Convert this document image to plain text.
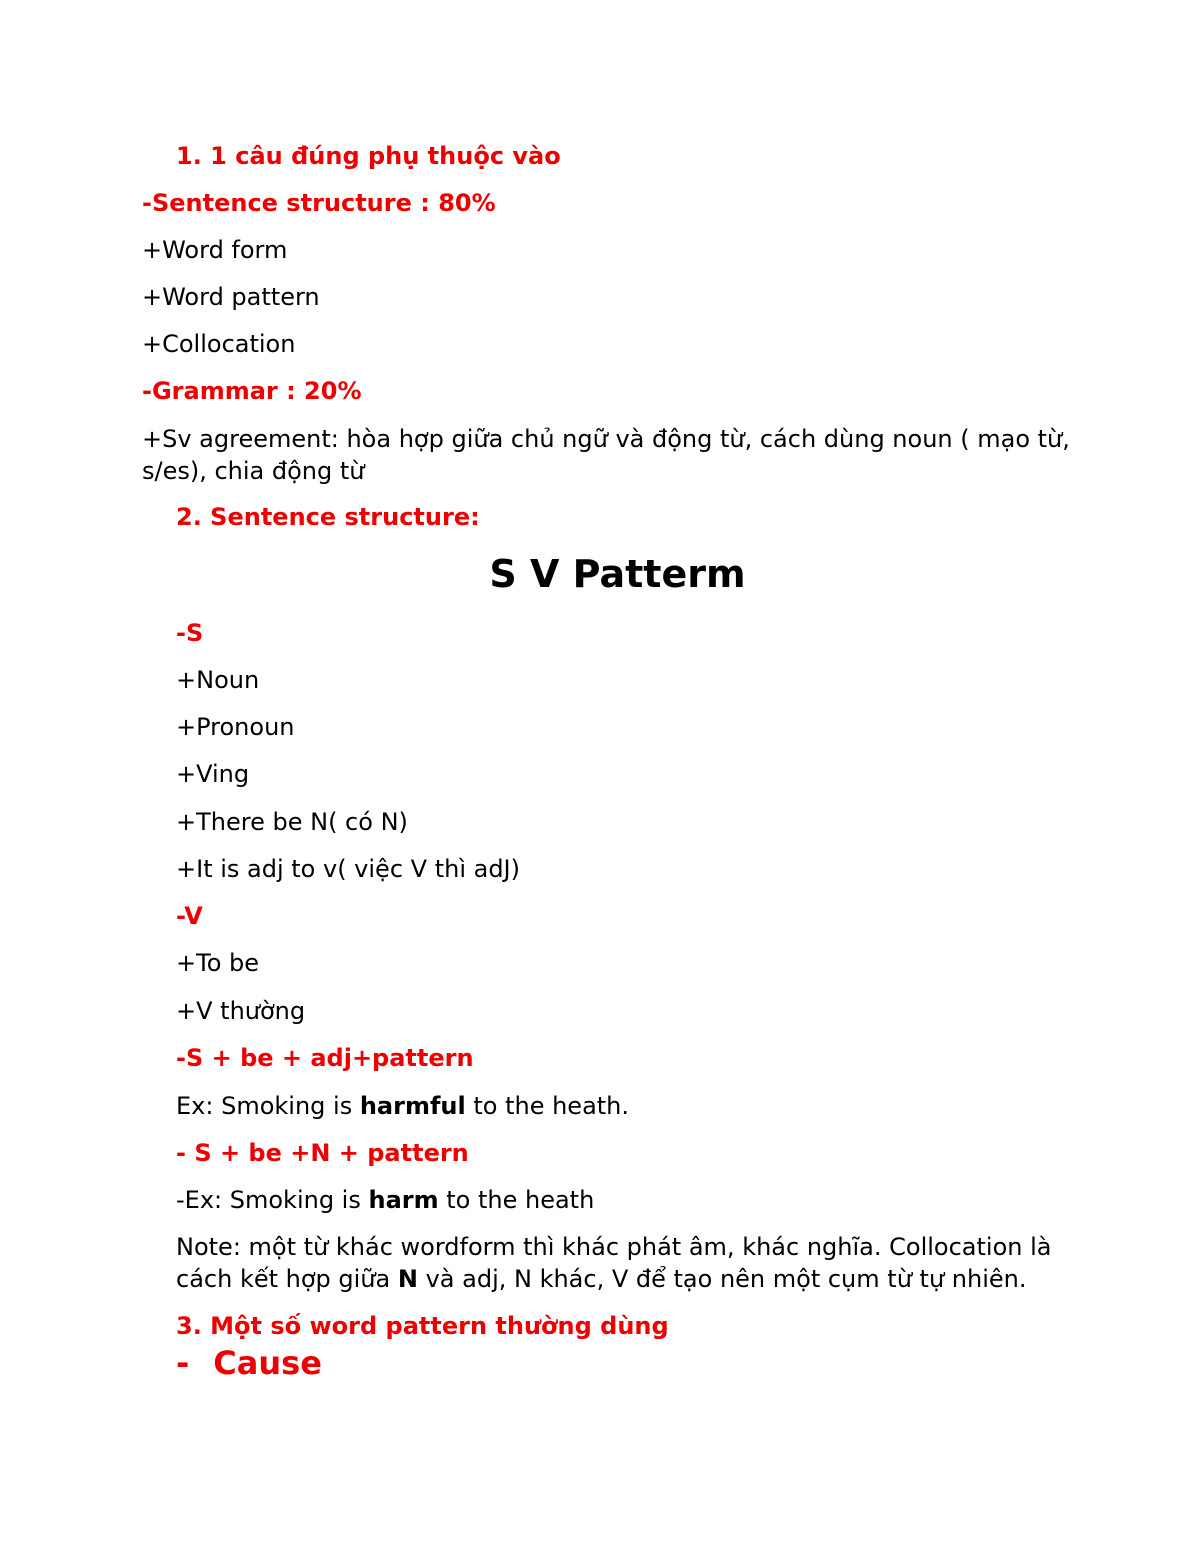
1. 1 câu đúng phụ thuộc vào
-Sentence structure : 80%
+Word form
+Word pattern
+Collocation
-Grammar : 20%
+Sv agreement: hòa hợp giữa chủ ngữ và động từ, cách dùng noun ( mạo từ,
s/es), chia động từ
2. Sentence structure:
S V Patterm
-S
+Noun
+Pronoun
+Ving
+There be N( có N)
+It is adj to v( việc V thì adJ)
-V
+To be
+V thường
-S + be + adj+pattern
Ex: Smoking is harmful to the heath.
- S + be +N + pattern
-Ex: Smoking is harm to the heath
Note: một từ khác wordform thì khác phát âm, khác nghĩa. Collocation là
cách kết hợp giữa N và adj, N khác, V để tạo nên một cụm từ tự nhiên.
3. Một số word pattern thường dùng
- Cause
